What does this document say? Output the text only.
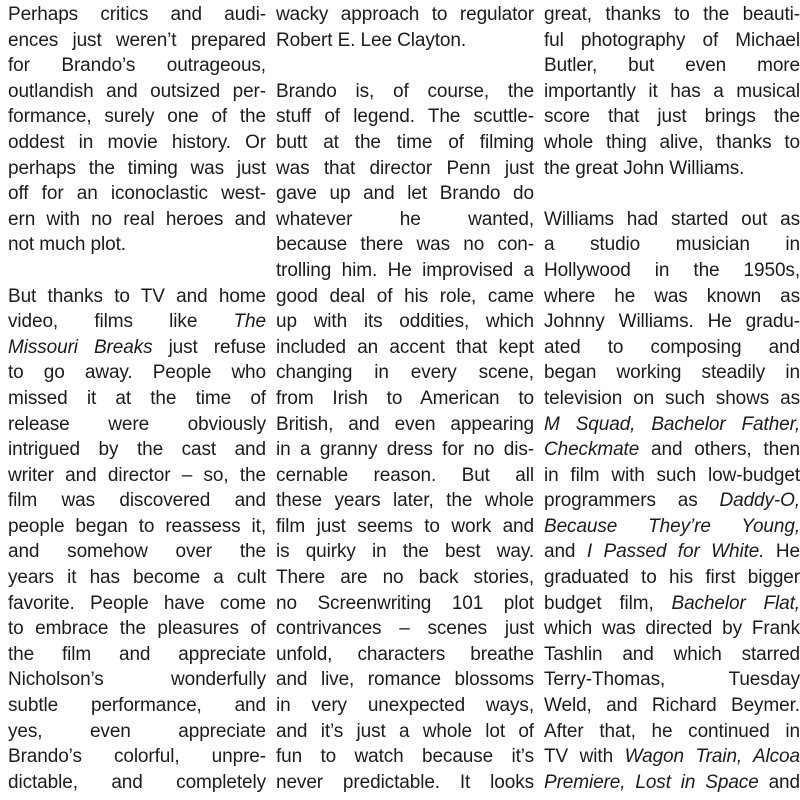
Perhaps critics and audi-
ences just weren’t prepared
for Brando’s outrageous,
outlandish and outsized per-
formance, surely one of the
oddest in movie history. Or
perhaps the timing was just
off for an iconoclastic west-
ern with no real heroes and
not much plot.
But thanks to TV and home
video, films like The
Missouri Breaks just refuse
to go away. People who
missed it at the time of
release were obviously
intrigued by the cast and
writer and director – so, the
film was discovered and
people began to reassess it,
and somehow over the
years it has become a cult
favorite. People have come
to embrace the pleasures of
the film and appreciate
Nicholson’s wonderfully
subtle performance, and
yes, even appreciate
Brando’s colorful, unpre-
dictable, and completely
wacky approach to regulator
Robert E. Lee Clayton.
Brando is, of course, the
stuff of legend. The scuttle-
butt at the time of filming
was that director Penn just
gave up and let Brando do
whatever he wanted,
because there was no con-
trolling him. He improvised a
good deal of his role, came
up with its oddities, which
included an accent that kept
changing in every scene,
from Irish to American to
British, and even appearing
in a granny dress for no dis-
cernable reason. But all
these years later, the whole
film just seems to work and
is quirky in the best way.
There are no back stories,
no Screenwriting 101 plot
contrivances – scenes just
unfold, characters breathe
and live, romance blossoms
in very unexpected ways,
and it’s just a whole lot of
fun to watch because it’s
never predictable. It looks
great, thanks to the beauti-
ful photography of Michael
Butler, but even more
importantly it has a musical
score that just brings the
whole thing alive, thanks to
the great John Williams.
Williams had started out as
a studio musician in
Hollywood in the 1950s,
where he was known as
Johnny Williams. He gradu-
ated to composing and
began working steadily in
television on such shows as
M Squad, Bachelor Father,
Checkmate and others, then
in film with such low-budget
programmers as Daddy-O,
Because They’re Young,
and I Passed for White. He
graduated to his first bigger
budget film, Bachelor Flat,
which was directed by Frank
Tashlin and which starred
Terry-Thomas, Tuesday
Weld, and Richard Beymer.
After that, he continued in
TV with Wagon Train, Alcoa
Premiere, Lost in Space and
